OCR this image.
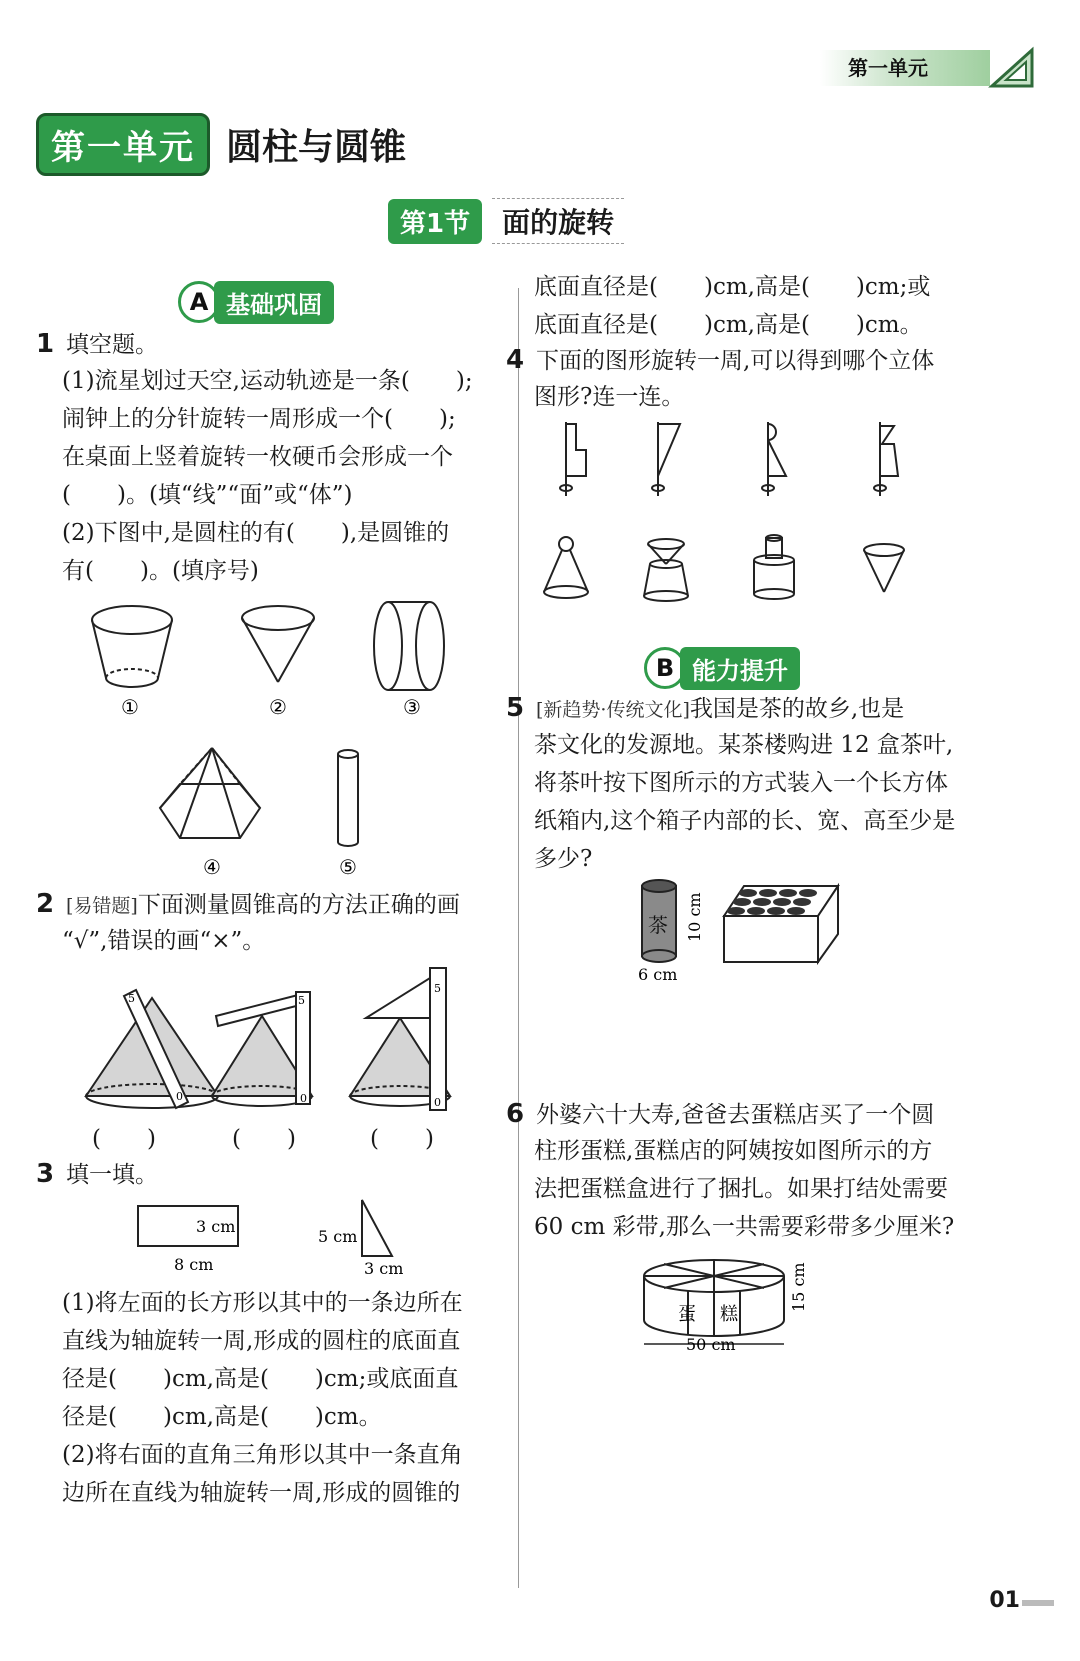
第一单元
第一单元 圆柱与圆锥
第1节	面的旋转
A 基础巩固
1 填空题。
(1)流星划过天空,运动轨迹是一条(　　);
闹钟上的分针旋转一周形成一个(　　);
在桌面上竖着旋转一枚硬币会形成一个
(　　)。(填“线”“面”或“体”)
(2)下图中,是圆柱的有(　　),是圆锥的
有(　　)。(填序号)
①	②	③
④	⑤
2 [易错题]下面测量圆锥高的方法正确的画
“√”,错误的画“×”。
0
5
0
5
0
5
(　　)	(　　)	(　　)
3 填一填。
3 cm
8 cm
5 cm
3 cm
(1)将左面的长方形以其中的一条边所在
直线为轴旋转一周,形成的圆柱的底面直
径是(　　)cm,高是(　　)cm;或底面直
径是(　　)cm,高是(　　)cm。
(2)将右面的直角三角形以其中一条直角
边所在直线为轴旋转一周,形成的圆锥的
底面直径是(　　)cm,高是(　　)cm;或
底面直径是(　　)cm,高是(　　)cm。
4 下面的图形旋转一周,可以得到哪个立体
图形?连一连。
B 能力提升
5 [新趋势·传统文化]我国是茶的故乡,也是
茶文化的发源地。某茶楼购进 12 盒茶叶,
将茶叶按下图所示的方式装入一个长方体
纸箱内,这个箱子内部的长、宽、高至少是
多少?
茶 10 cm
6 cm
6 外婆六十大寿,爸爸去蛋糕店买了一个圆
柱形蛋糕,蛋糕店的阿姨按如图所示的方
法把蛋糕盒进行了捆扎。如果打结处需要
60 cm 彩带,那么一共需要彩带多少厘米?
蛋 糕
50 cm
15 cm
01
